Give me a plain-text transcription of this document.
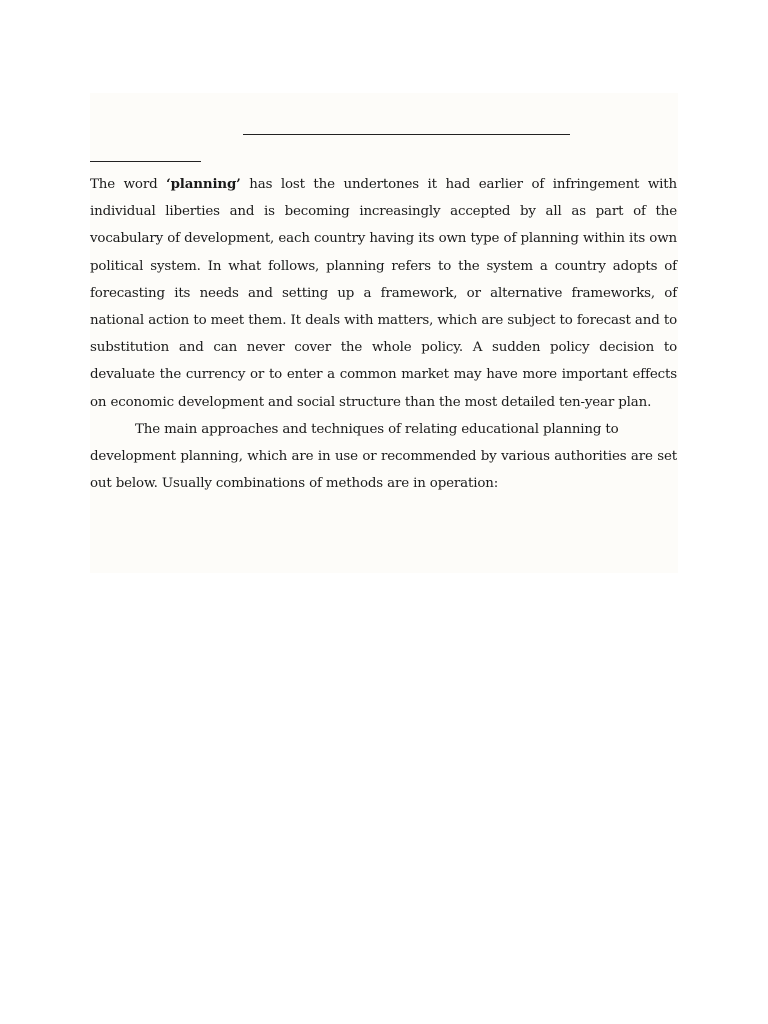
The word ‘planning’ has lost the undertones it had earlier of infringement with individual liberties and is becoming increasingly accepted by all as part of the vocabulary of development, each country having its own type of planning within its own political system. In what follows, planning refers to the system a country adopts of forecasting its needs and setting up a framework, or alternative frameworks, of national action to meet them. It deals with matters, which are subject to forecast and to substitution and can never cover the whole policy. A sudden policy decision to devaluate the currency or to enter a common market may have more important effects on economic development and social structure than the most detailed ten-year plan.

The main approaches and techniques of relating educational planning to

development planning, which are in use or recommended by various authorities are set out below. Usually combinations of methods are in operation:
